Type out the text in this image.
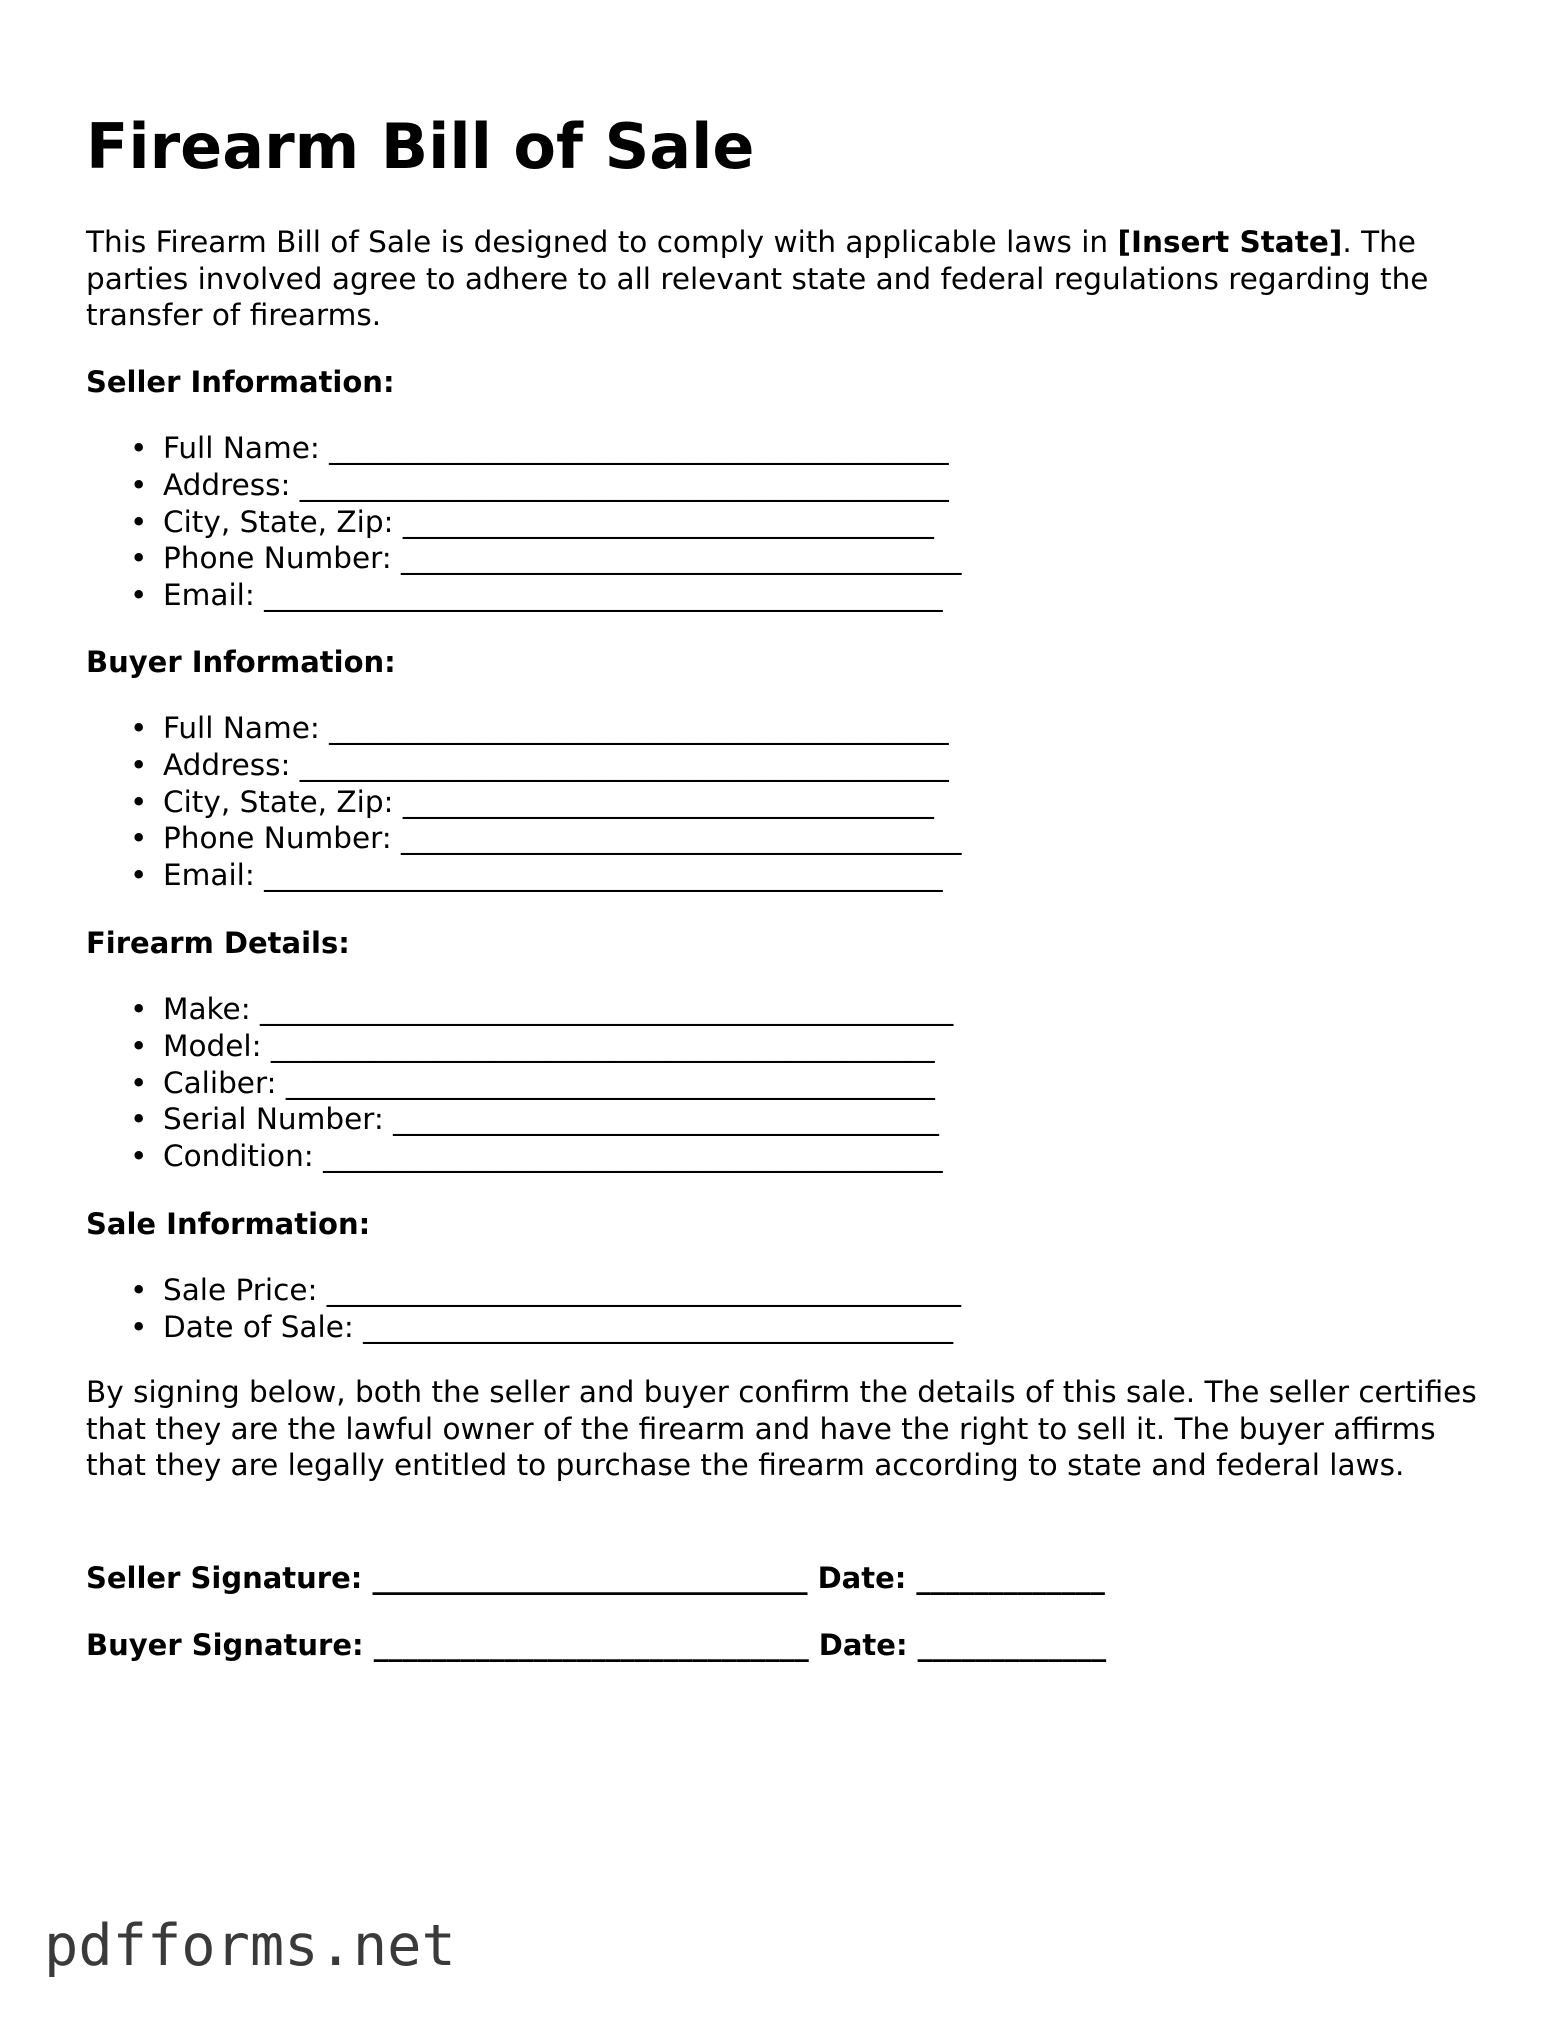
Firearm Bill of Sale

This Firearm Bill of Sale is designed to comply with applicable laws in [Insert State]. The parties involved agree to adhere to all relevant state and federal regulations regarding the transfer of firearms.

Seller Information:

• Full Name: __________________________________________
• Address: ____________________________________________
• City, State, Zip: ____________________________________
• Phone Number: ______________________________________
• Email: ______________________________________________

Buyer Information:

• Full Name: __________________________________________
• Address: ____________________________________________
• City, State, Zip: ____________________________________
• Phone Number: ______________________________________
• Email: ______________________________________________

Firearm Details:

• Make: _______________________________________________
• Model: _____________________________________________
• Caliber: ____________________________________________
• Serial Number: _____________________________________
• Condition: __________________________________________

Sale Information:

• Sale Price: ___________________________________________
• Date of Sale: ________________________________________

By signing below, both the seller and buyer confirm the details of this sale. The seller certifies that they are the lawful owner of the firearm and have the right to sell it. The buyer affirms that they are legally entitled to purchase the firearm according to state and federal laws.

Seller Signature: ______________________________ Date: _____________

Buyer Signature: ______________________________ Date: _____________

pdfforms.net
